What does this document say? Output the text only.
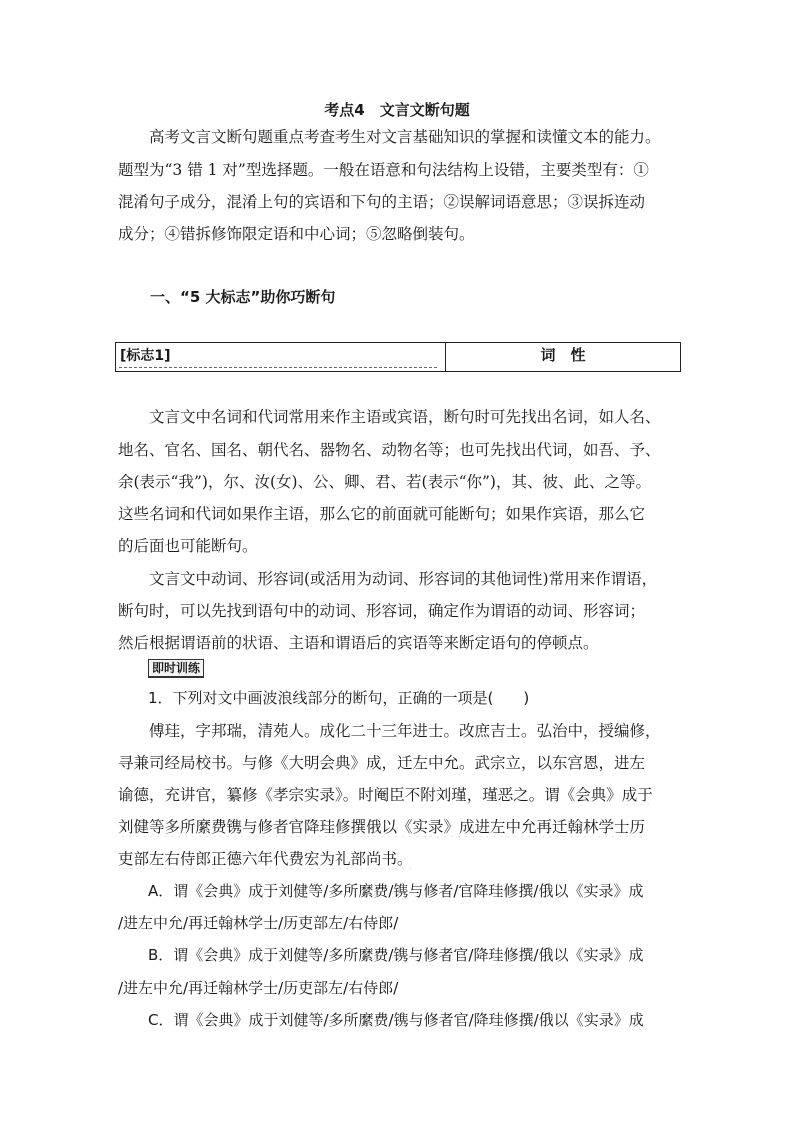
考点4　文言文断句题
　　高考文言文断句题重点考查考生对文言基础知识的掌握和读懂文本的能力。
题型为“3 错 1 对”型选择题。一般在语意和句法结构上设错，主要类型有：①
混淆句子成分，混淆上句的宾语和下句的主语；②误解词语意思；③误拆连动
成分；④错拆修饰限定语和中心词；⑤忽略倒装句。
一、“5 大标志”助你巧断句
[标志1]	词　性
　　文言文中名词和代词常用来作主语或宾语，断句时可先找出名词，如人名、
地名、官名、国名、朝代名、器物名、动物名等；也可先找出代词，如吾、予、
余(表示“我”)，尔、汝(女)、公、卿、君、若(表示“你”)，其、彼、此、之等。
这些名词和代词如果作主语，那么它的前面就可能断句；如果作宾语，那么它
的后面也可能断句。
　　文言文中动词、形容词(或活用为动词、形容词的其他词性)常用来作谓语，
断句时，可以先找到语句中的动词、形容词，确定作为谓语的动词、形容词；
然后根据谓语前的状语、主语和谓语后的宾语等来断定语句的停顿点。
即时训练
　　1．下列对文中画波浪线部分的断句，正确的一项是(　　)
　　傅珪，字邦瑞，清苑人。成化二十三年进士。改庶吉士。弘治中，授编修，
寻兼司经局校书。与修《大明会典》成，迁左中允。武宗立，以东宫恩，进左
谕德，充讲官，纂修《孝宗实录》。时阉臣不附刘瑾，瑾恶之。谓《会典》成于
刘健等多所縻费镌与修者官降珪修撰俄以《实录》成进左中允再迁翰林学士历
吏部左右侍郎正德六年代费宏为礼部尚书。
　　A．谓《会典》成于刘健等/多所縻费/镌与修者/官降珪修撰/俄以《实录》成
/进左中允/再迁翰林学士/历吏部左/右侍郎/
　　B．谓《会典》成于刘健等/多所縻费/镌与修者官/降珪修撰/俄以《实录》成
/进左中允/再迁翰林学士/历吏部左/右侍郎/
　　C．谓《会典》成于刘健等/多所縻费/镌与修者官/降珪修撰/俄以《实录》成
